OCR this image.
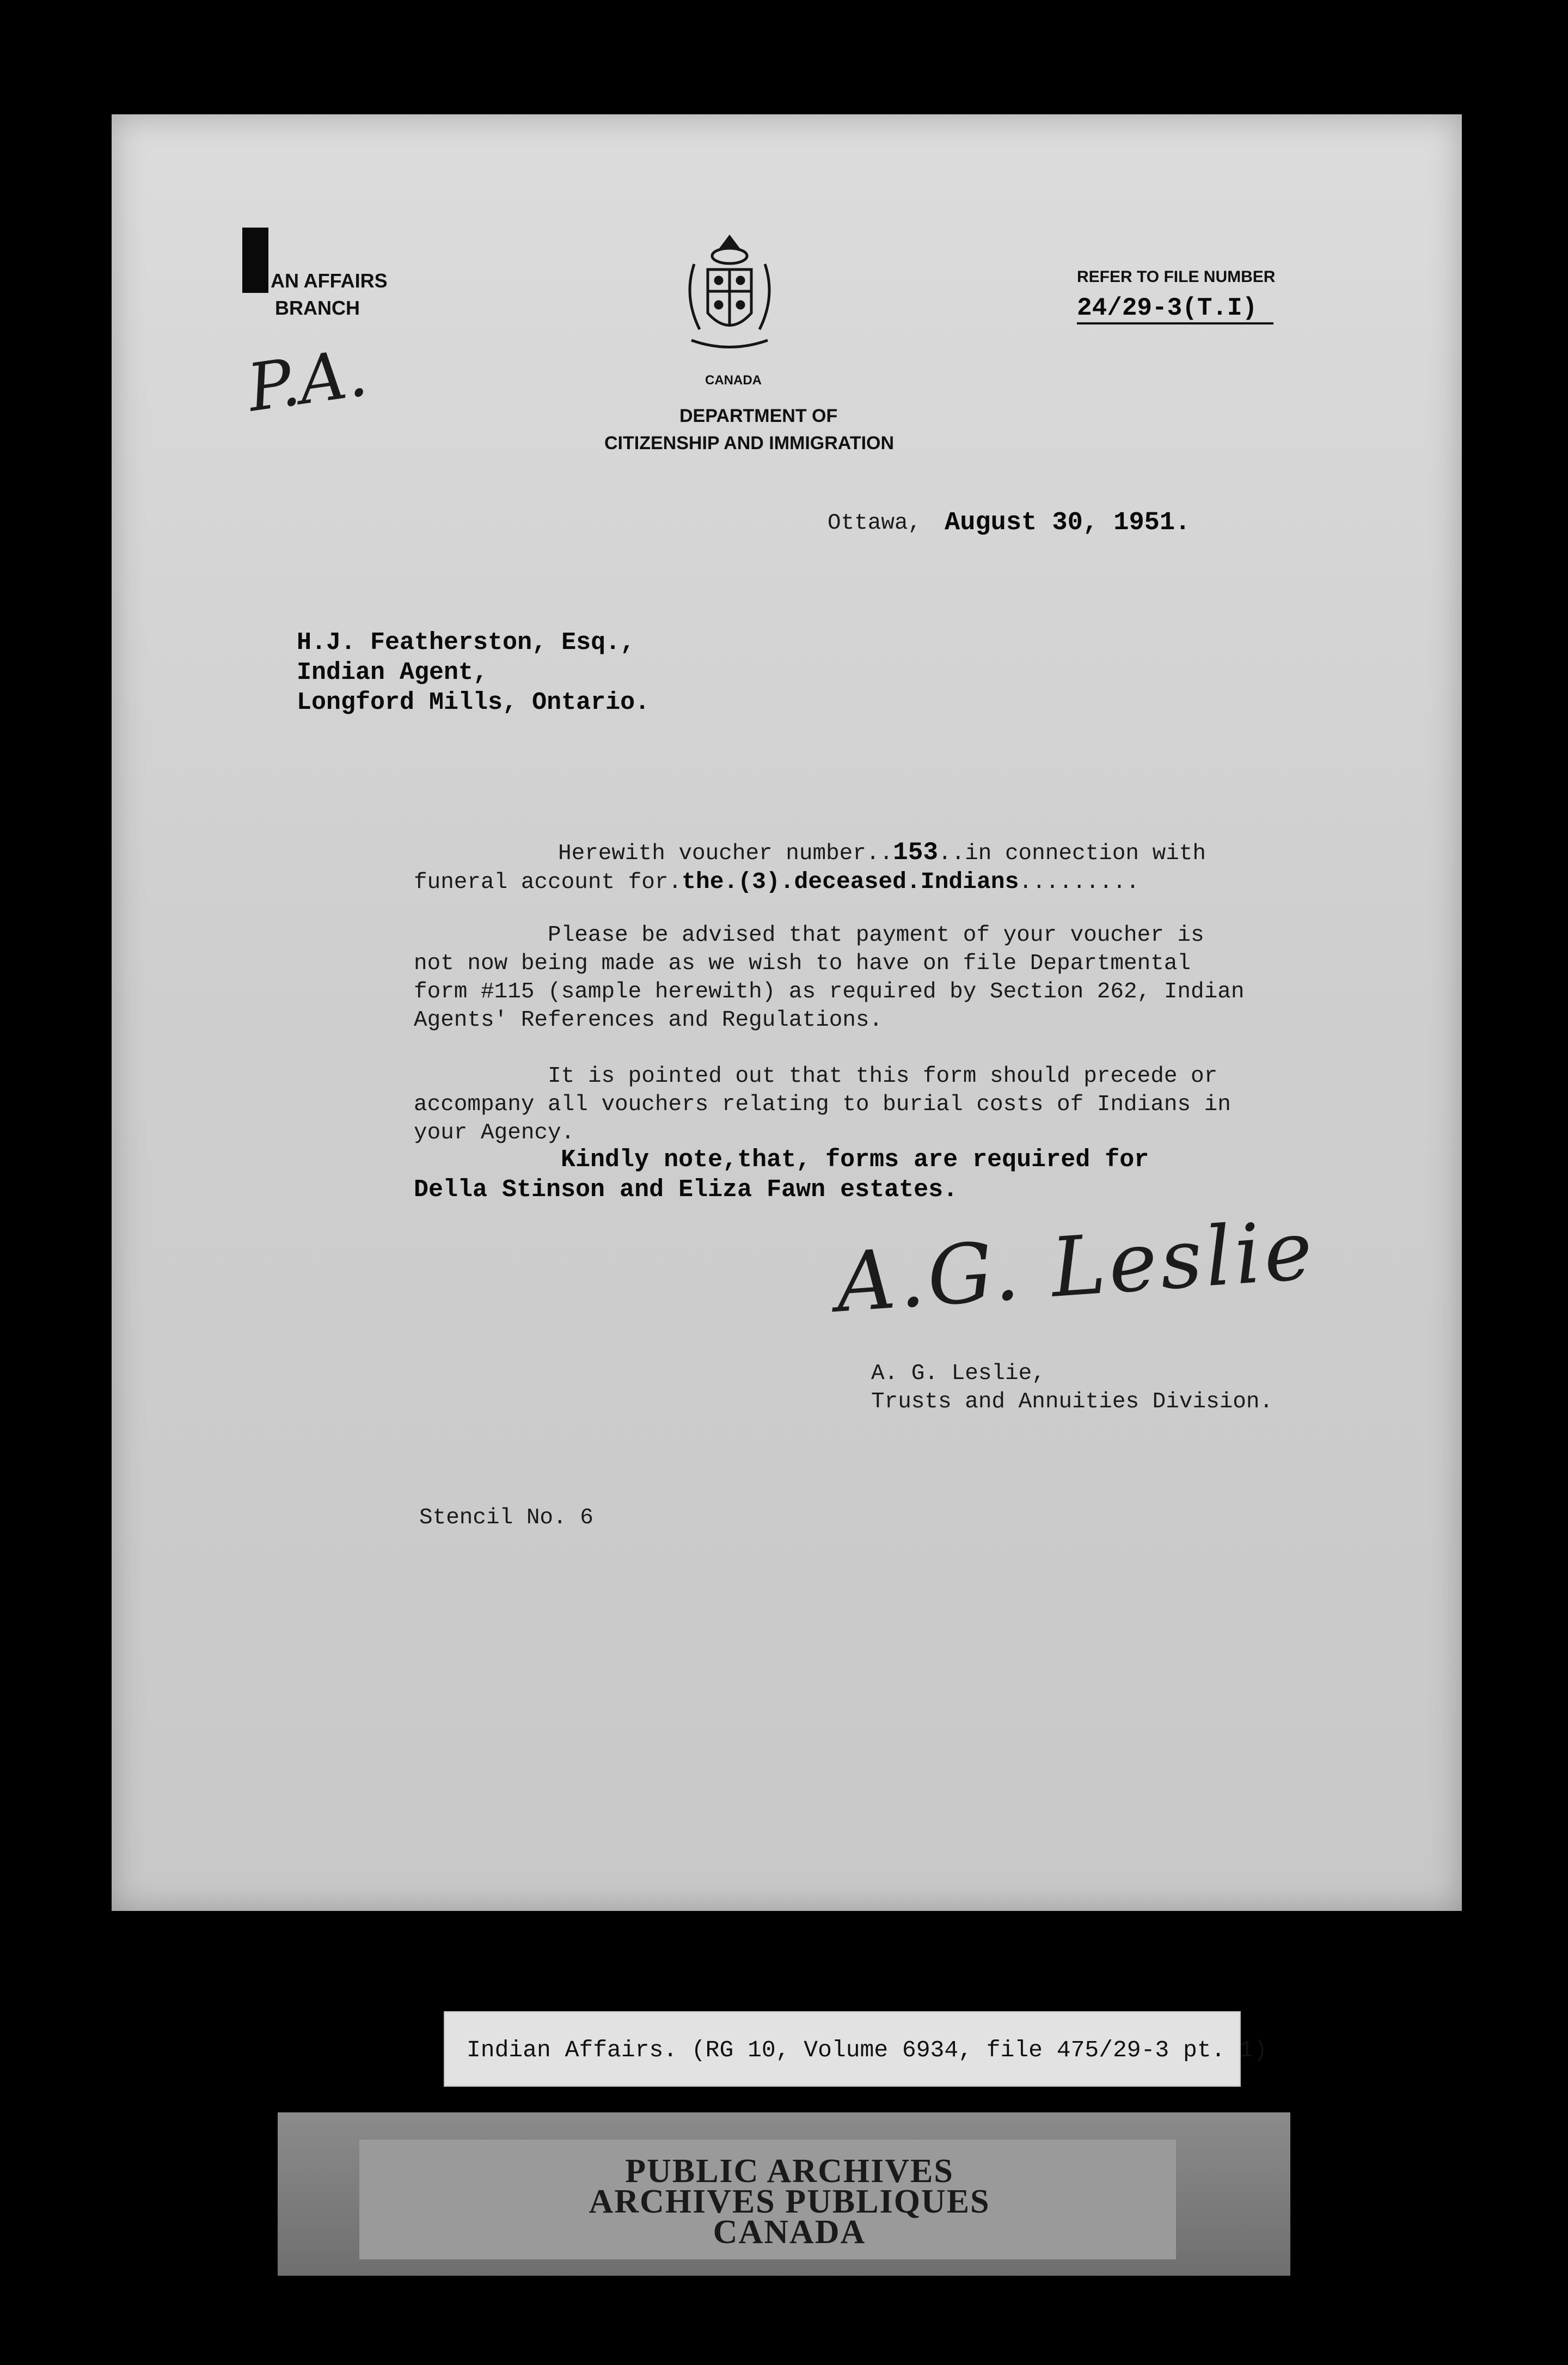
AN AFFAIRS
BRANCH
P.A.	CANADA
DEPARTMENT OF
CITIZENSHIP AND IMMIGRATION
REFER TO FILE NUMBER
24/29-3(T.I)
Ottawa, August 30, 1951.
H.J. Featherston, Esq.,
Indian Agent,
Longford Mills, Ontario.
Herewith voucher number..153..in connection with
funeral account for.the.(3).deceased.Indians.........
Please be advised that payment of your voucher is
not now being made as we wish to have on file Departmental
form #115 (sample herewith) as required by Section 262, Indian
Agents' References and Regulations.
It is pointed out that this form should precede or
accompany all vouchers relating to burial costs of Indians in
your Agency.
Kindly note,that, forms are required for
Della Stinson and Eliza Fawn estates.
A.G. Leslie
A. G. Leslie,
Trusts and Annuities Division.
Stencil No. 6
Indian Affairs. (RG 10, Volume 6934, file 475/29-3 pt. 1)
PUBLIC ARCHIVES
ARCHIVES PUBLIQUES
CANADA
